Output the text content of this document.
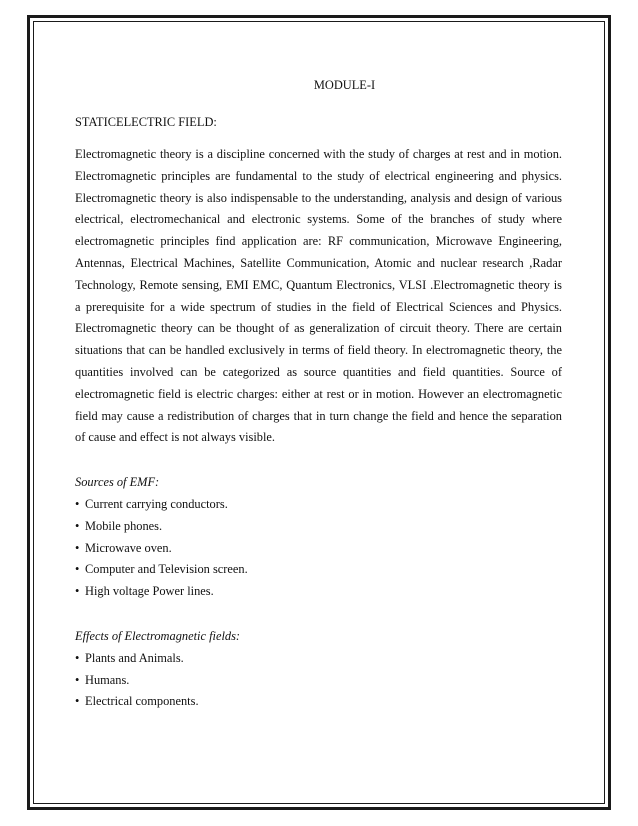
MODULE-I

STATICELECTRIC FIELD:

Electromagnetic theory is a discipline concerned with the study of charges at rest and in motion. Electromagnetic principles are fundamental to the study of electrical engineering and physics. Electromagnetic theory is also indispensable to the understanding, analysis and design of various electrical, electromechanical and electronic systems. Some of the branches of study where electromagnetic principles find application are: RF communication, Microwave Engineering, Antennas, Electrical Machines, Satellite Communication, Atomic and nuclear research ,Radar Technology, Remote sensing, EMI EMC, Quantum Electronics, VLSI .Electromagnetic theory is a prerequisite for a wide spectrum of studies in the field of Electrical Sciences and Physics. Electromagnetic theory can be thought of as generalization of circuit theory. There are certain situations that can be handled exclusively in terms of field theory. In electromagnetic theory, the quantities involved can be categorized as source quantities and field quantities. Source of electromagnetic field is electric charges: either at rest or in motion. However an electromagnetic field may cause a redistribution of charges that in turn change the field and hence the separation of cause and effect is not always visible.

Sources of EMF:

• Current carrying conductors.
• Mobile phones.
• Microwave oven.
• Computer and Television screen.
• High voltage Power lines.

Effects of Electromagnetic fields:

• Plants and Animals.
• Humans.
• Electrical components.
